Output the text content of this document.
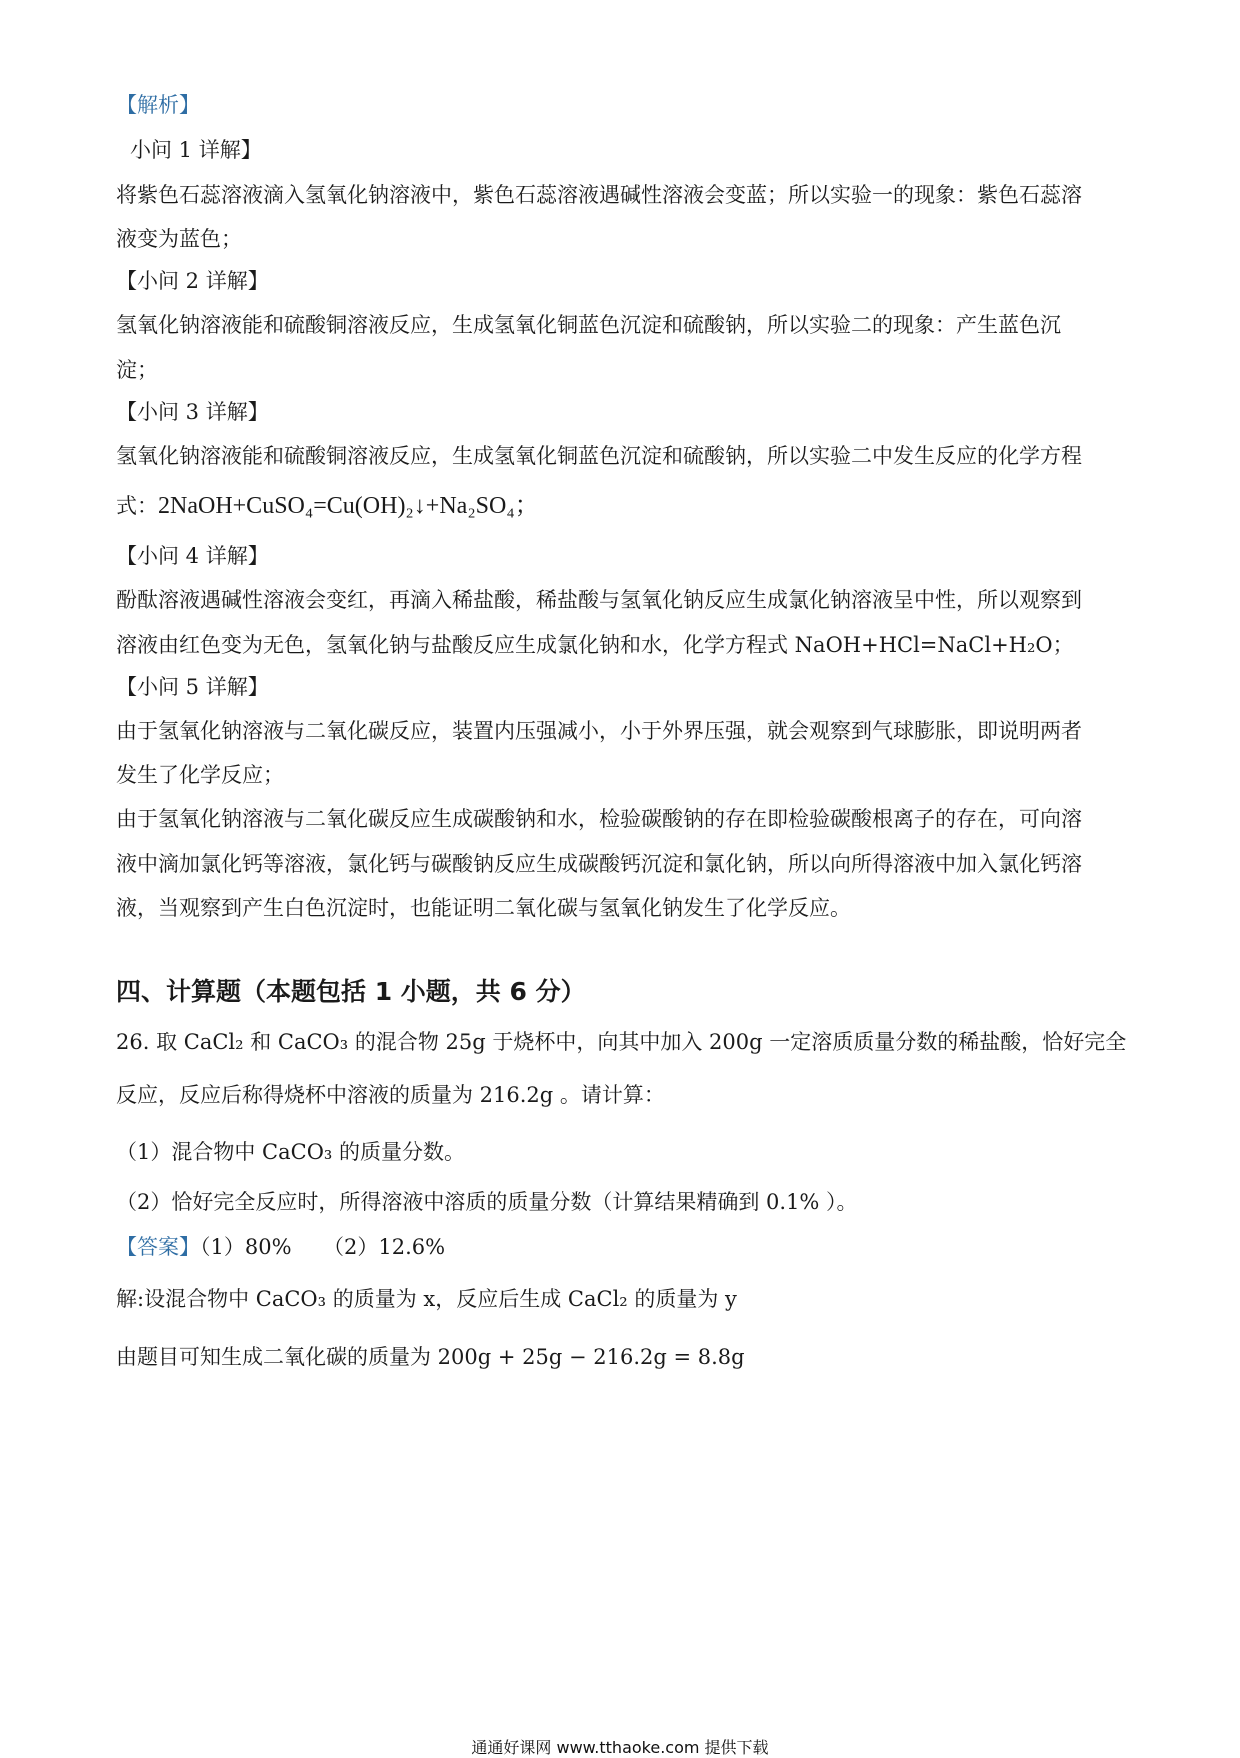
【解析】
小问 1 详解】
将紫色石蕊溶液滴入氢氧化钠溶液中，紫色石蕊溶液遇碱性溶液会变蓝；所以实验一的现象：紫色石蕊溶
液变为蓝色；
【小问 2 详解】
氢氧化钠溶液能和硫酸铜溶液反应，生成氢氧化铜蓝色沉淀和硫酸钠，所以实验二的现象：产生蓝色沉
淀；
【小问 3 详解】
氢氧化钠溶液能和硫酸铜溶液反应，生成氢氧化铜蓝色沉淀和硫酸钠，所以实验二中发生反应的化学方程
式：2NaOH+CuSO₄=Cu(OH)₂↓+Na₂SO₄；
【小问 4 详解】
酚酞溶液遇碱性溶液会变红，再滴入稀盐酸，稀盐酸与氢氧化钠反应生成氯化钠溶液呈中性，所以观察到
溶液由红色变为无色，氢氧化钠与盐酸反应生成氯化钠和水，化学方程式 NaOH+HCl=NaCl+H₂O；
【小问 5 详解】
由于氢氧化钠溶液与二氧化碳反应，装置内压强减小，小于外界压强，就会观察到气球膨胀，即说明两者
发生了化学反应；
由于氢氧化钠溶液与二氧化碳反应生成碳酸钠和水，检验碳酸钠的存在即检验碳酸根离子的存在，可向溶
液中滴加氯化钙等溶液，氯化钙与碳酸钠反应生成碳酸钙沉淀和氯化钠，所以向所得溶液中加入氯化钙溶
液，当观察到产生白色沉淀时，也能证明二氧化碳与氢氧化钠发生了化学反应。
四、计算题（本题包括 1 小题，共 6 分）
26. 取 CaCl₂ 和 CaCO₃ 的混合物 25g 于烧杯中，向其中加入 200g 一定溶质质量分数的稀盐酸，恰好完全
反应，反应后称得烧杯中溶液的质量为 216.2g 。请计算：
（1）混合物中 CaCO₃ 的质量分数。
（2）恰好完全反应时，所得溶液中溶质的质量分数（计算结果精确到 0.1% ）。
【答案】（1）80%　　（2）12.6%
解:设混合物中 CaCO₃ 的质量为 x，反应后生成 CaCl₂ 的质量为 y
由题目可知生成二氧化碳的质量为 200g + 25g − 216.2g = 8.8g
通通好课网 www.tthaoke.com 提供下载
